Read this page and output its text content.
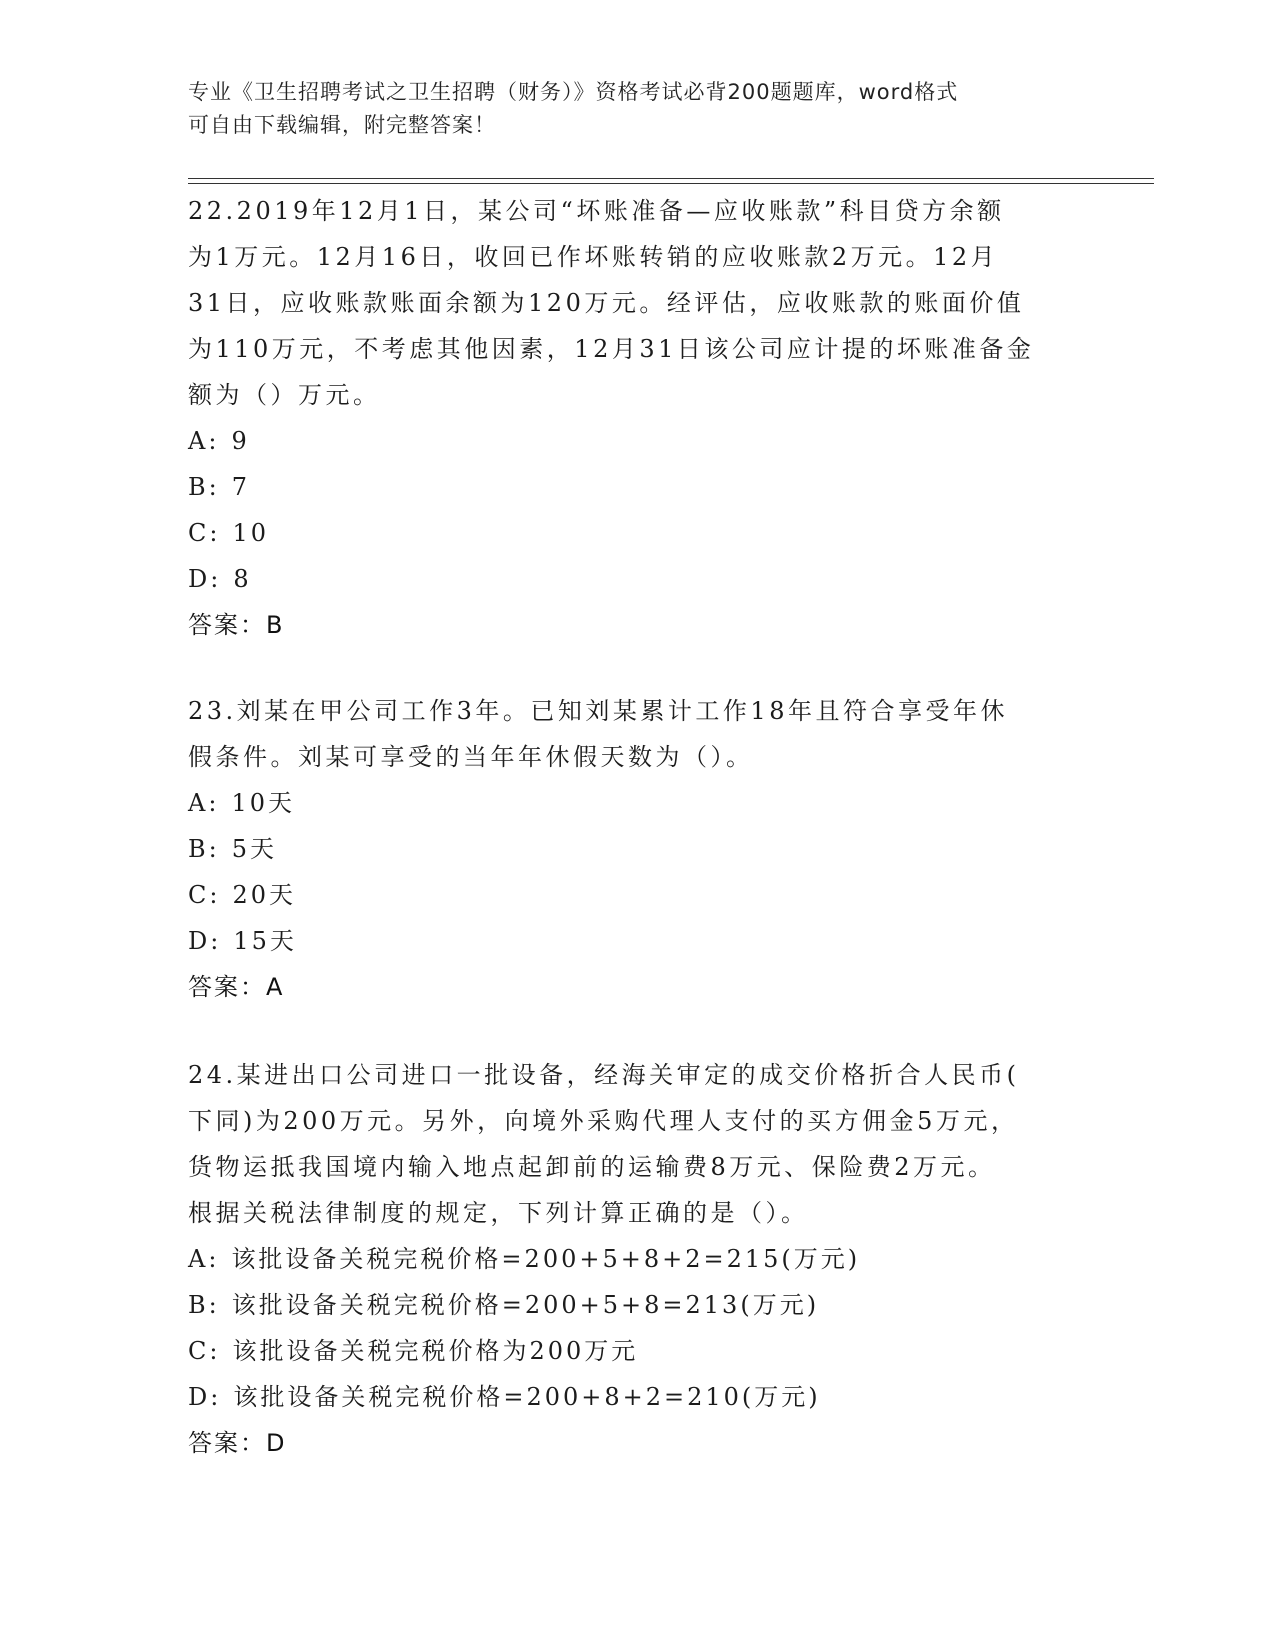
专业《卫生招聘考试之卫生招聘（财务）》资格考试必背200题题库，word格式
可自由下载编辑，附完整答案！
22.2019年12月1日，某公司“坏账准备—应收账款”科目贷方余额
为1万元。12月16日，收回已作坏账转销的应收账款2万元。12月
31日，应收账款账面余额为120万元。经评估，应收账款的账面价值
为110万元，不考虑其他因素，12月31日该公司应计提的坏账准备金
额为（）万元。
A: 9
B: 7
C: 10
D: 8
答案：B
23.刘某在甲公司工作3年。已知刘某累计工作18年且符合享受年休
假条件。刘某可享受的当年年休假天数为（）。
A: 10天
B: 5天
C: 20天
D: 15天
答案：A
24.某进出口公司进口一批设备，经海关审定的成交价格折合人民币(
下同)为200万元。另外，向境外采购代理人支付的买方佣金5万元，
货物运抵我国境内输入地点起卸前的运输费8万元、保险费2万元。
根据关税法律制度的规定，下列计算正确的是（）。
A: 该批设备关税完税价格=200+5+8+2=215(万元)
B: 该批设备关税完税价格=200+5+8=213(万元)
C: 该批设备关税完税价格为200万元
D: 该批设备关税完税价格=200+8+2=210(万元)
答案：D
